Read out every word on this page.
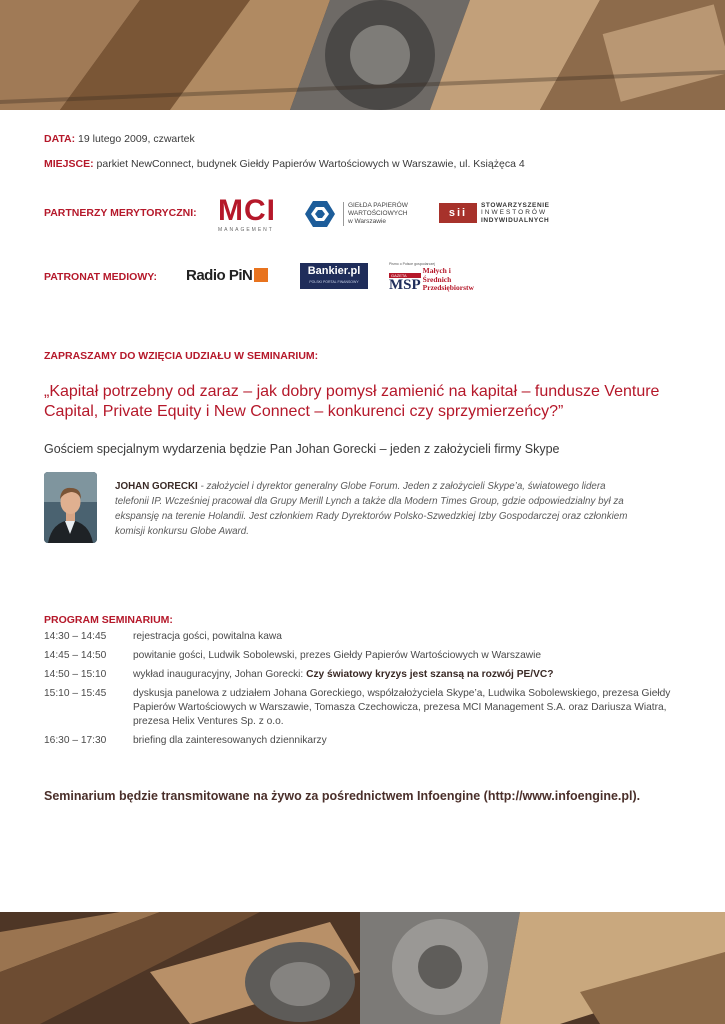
DATA: 19 lutego 2009, czwartek
MIEJSCE: parkiet NewConnect, budynek Giełdy Papierów Wartościowych w Warszawie, ul. Książęca 4
PARTNERZY MERYTORYCZNI: MCI
MANAGEMENT
GIEŁDA PAPIERÓW
WARTOŚCIOWYCH
w Warszawie
sii
STOWARZYSZENIE
INWESTORÓW
INDYWIDUALNYCH
PATRONAT MEDIOWY: Radio PiN	Bankier.pl
POLSKI PORTAL FINANSOWY
Pismo o Polsce gospodarczej
GAZETA
MSP
Małych i Średnich
Przedsiębiorstw
ZAPRASZAMY DO WZIĘCIA UDZIAŁU W SEMINARIUM:
„Kapitał potrzebny od zaraz – jak dobry pomysł zamienić na kapitał – fundusze Venture Capital, Private Equity i New Connect – konkurenci czy sprzymierzeńcy?”
Gościem specjalnym wydarzenia będzie Pan Johan Gorecki – jeden z założycieli firmy Skype
JOHAN GORECKI - założyciel i dyrektor generalny Globe Forum. Jeden z założycieli Skype’a, światowego lidera telefonii IP. Wcześniej pracował dla Grupy Merill Lynch a także dla Modern Times Group, gdzie odpowiedzialny był za ekspansję na terenie Holandii. Jest członkiem Rady Dyrektorów Polsko-Szwedzkiej Izby Gospodarczej oraz członkiem komisji konkursu Globe Award.
PROGRAM SEMINARIUM:
14:30 – 14:45	rejestracja gości, powitalna kawa
14:45 – 14:50	powitanie gości, Ludwik Sobolewski, prezes Giełdy Papierów Wartościowych w Warszawie
14:50 – 15:10	wykład inauguracyjny, Johan Gorecki: Czy światowy kryzys jest szansą na rozwój PE/VC?
15:10 – 15:45	dyskusja panelowa z udziałem Johana Goreckiego, współzałożyciela Skype’a, Ludwika Sobolewskiego, prezesa Giełdy Papierów Wartościowych w Warszawie, Tomasza Czechowicza, prezesa MCI Management S.A. oraz Dariusza Wiatra, prezesa Helix Ventures Sp. z o.o.
16:30 – 17:30	briefing dla zainteresowanych dziennikarzy
Seminarium będzie transmitowane na żywo za pośrednictwem Infoengine (http://www.infoengine.pl).
